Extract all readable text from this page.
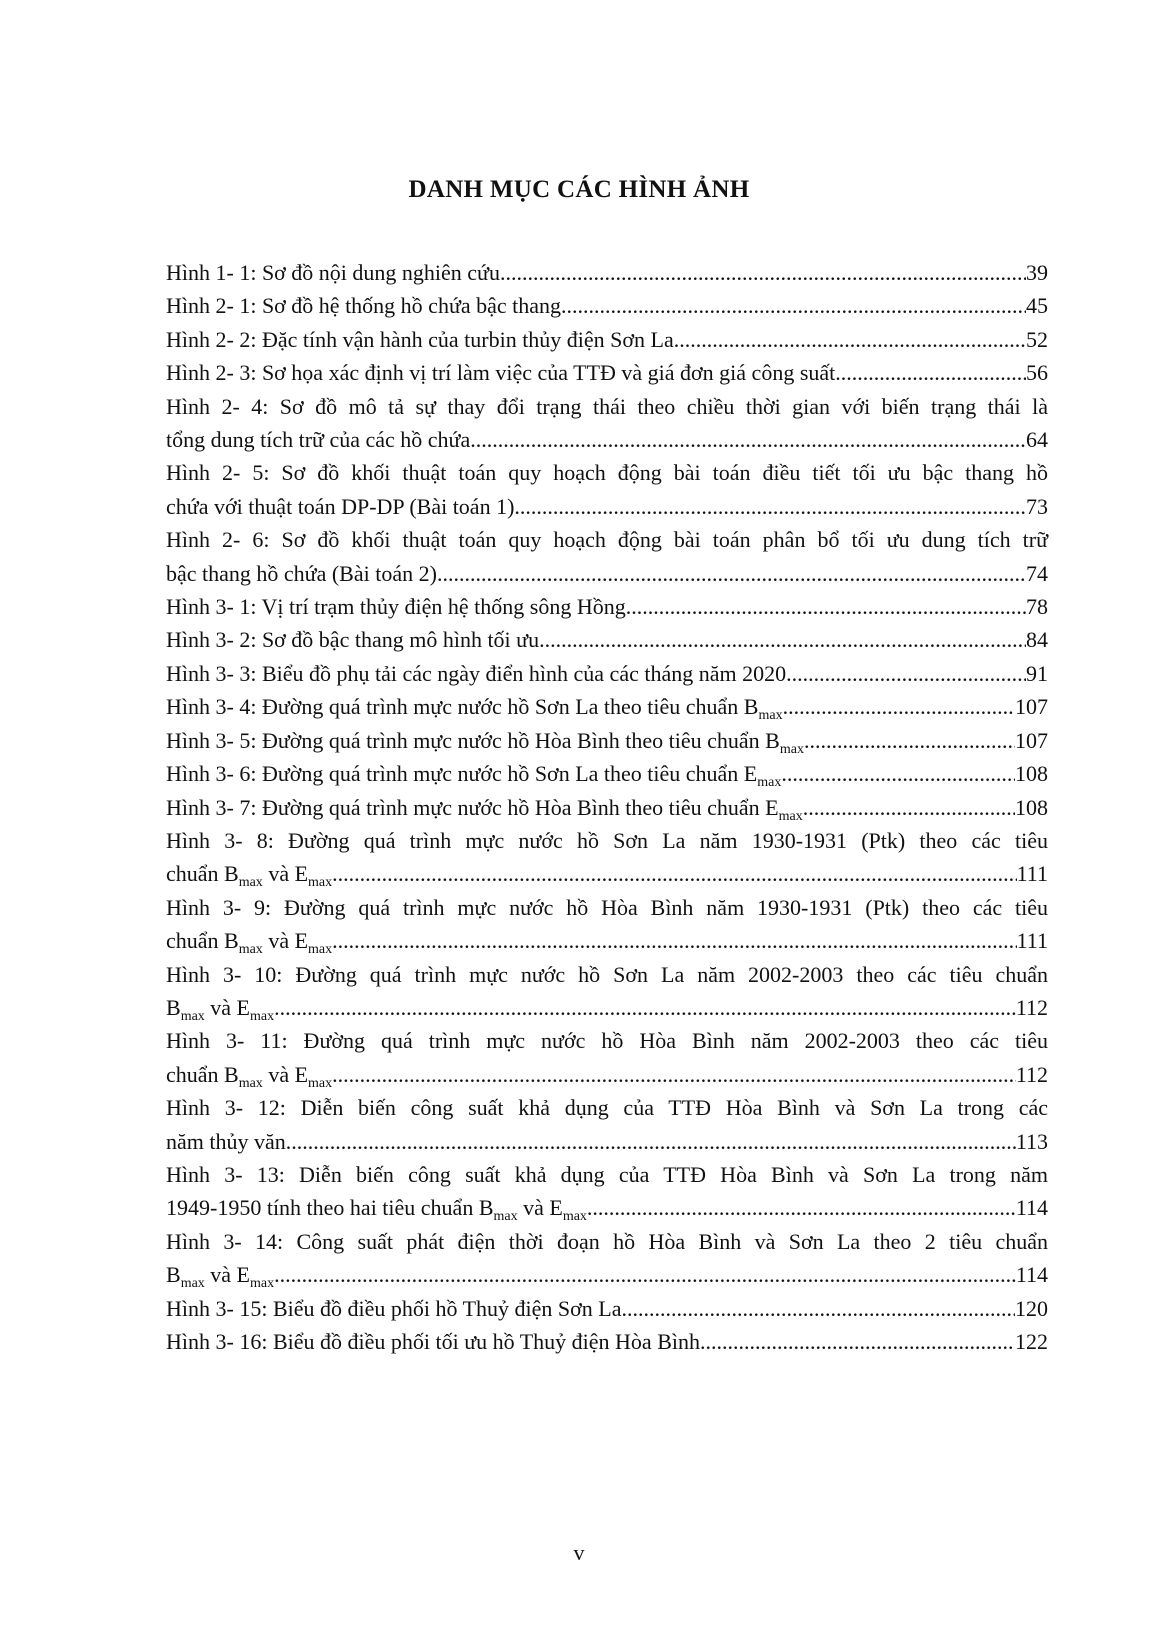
DANH MỤC CÁC HÌNH ẢNH
Hình 1- 1: Sơ đồ nội dung nghiên cứu .....	39
Hình 2- 1: Sơ đồ hệ thống hồ chứa bậc thang .....	45
Hình 2- 2: Đặc tính vận hành của turbin thủy điện Sơn La .....	52
Hình 2- 3: Sơ họa xác định vị trí làm việc của TTĐ và giá đơn giá công suất .....	56
Hình 2- 4: Sơ đồ mô tả sự thay đổi trạng thái theo chiều thời gian với biến trạng thái là
tổng dung tích trữ của các hồ chứa .....	64
Hình 2- 5: Sơ đồ khối thuật toán quy hoạch động bài toán điều tiết tối ưu bậc thang hồ
chứa với thuật toán DP-DP (Bài toán 1) .....	73
Hình 2- 6: Sơ đồ khối thuật toán quy hoạch động bài toán phân bổ tối ưu dung tích trữ
bậc thang hồ chứa (Bài toán 2). .....	74
Hình 3- 1: Vị trí trạm thủy điện hệ thống sông Hồng .....	78
Hình 3- 2: Sơ đồ bậc thang mô hình tối ưu .....	84
Hình 3- 3: Biểu đồ phụ tải các ngày điển hình của các tháng năm 2020 .....	91
Hình 3- 4: Đường quá trình mực nước hồ Sơn La theo tiêu chuẩn $B_{max}$ .....	107
Hình 3- 5: Đường quá trình mực nước hồ Hòa Bình theo tiêu chuẩn $B_{max}$ .....	107
Hình 3- 6: Đường quá trình mực nước hồ Sơn La theo tiêu chuẩn $E_{max}$ .....	108
Hình 3- 7: Đường quá trình mực nước hồ Hòa Bình theo tiêu chuẩn $E_{max}$ .....	108
Hình 3- 8: Đường quá trình mực nước hồ Sơn La năm 1930-1931 (Ptk) theo các tiêu
chuẩn $B_{max}$ và $E_{max}$ .....	111
Hình 3- 9: Đường quá trình mực nước hồ Hòa Bình năm 1930-1931 (Ptk) theo các tiêu
chuẩn $B_{max}$ và $E_{max}$ .....	111
Hình 3- 10: Đường quá trình mực nước hồ Sơn La năm 2002-2003 theo các tiêu chuẩn
$B_{max}$ và $E_{max}$ .....	112
Hình 3- 11: Đường quá trình mực nước hồ Hòa Bình năm 2002-2003 theo các tiêu
chuẩn $B_{max}$ và $E_{max}$ .....	112
Hình 3- 12: Diễn biến công suất khả dụng của TTĐ Hòa Bình và Sơn La trong các
năm thủy văn .....	113
Hình 3- 13: Diễn biến công suất khả dụng của TTĐ Hòa Bình và Sơn La trong năm
1949-1950 tính theo hai tiêu chuẩn $B_{max}$ và $E_{max}$ .....	114
Hình 3- 14: Công suất phát điện thời đoạn hồ Hòa Bình và Sơn La theo 2 tiêu chuẩn
$B_{max}$ và $E_{max}$ .....	114
Hình 3- 15: Biểu đồ điều phối hồ Thuỷ điện Sơn La .....	120
Hình 3- 16: Biểu đồ điều phối tối ưu hồ Thuỷ điện Hòa Bình .....	122
v
